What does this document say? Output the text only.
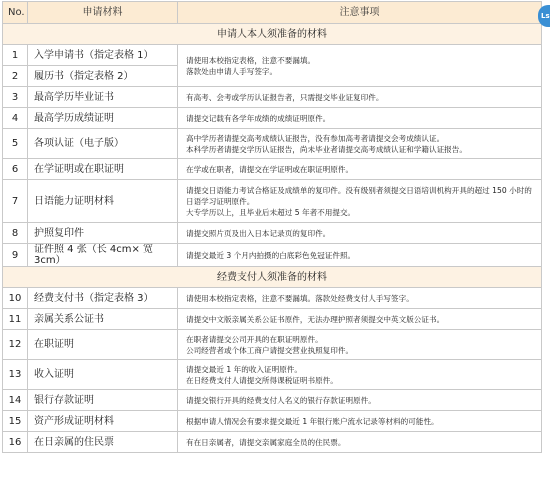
No.	申请材料	注意事项
申请人本人须准备的材料		
1	入学申请书（指定表格 1）	请使用本校指定表格，注意不要漏填。
落款处由申请人手写签字。
2	履历书（指定表格 2）	
3	最高学历毕业证书	有高考、会考或学历认证报告者，只需提交毕业证复印件。
4	最高学历成绩证明	请提交记载有各学年成绩的成绩证明原件。
5	各项认证（电子版）	高中学历者请提交高考成绩认证报告，没有参加高考者请提交会考成绩认证。
本科学历者请提交学历认证报告，尚未毕业者请提交高考成绩认证和学籍认证报告。
6	在学证明或在职证明	在学或在职者，请提交在学证明或在职证明原件。
7	日语能力证明材料	请提交日语能力考试合格证及成绩单的复印件。没有级别者须提交日语培训机构开具的超过 150 小时的日语学习证明原件。
大专学历以上，且毕业后未超过 5 年者不用提交。
8	护照复印件	请提交照片页及出入日本记录页的复印件。
9	证件照 4 张（长 4cm× 宽 3cm）	请提交最近 3 个月内拍摄的白底彩色免冠证件照。
经费支付人须准备的材料		
10	经费支付书（指定表格 3）	请使用本校指定表格，注意不要漏填。落款处经费支付人手写签字。
11	亲属关系公证书	请提交中文版亲属关系公证书原件，无法办理护照者须提交中英文版公证书。
12	在职证明	在职者请提交公司开具的在职证明原件。
公司经营者或个体工商户请提交营业执照复印件。
13	收入证明	请提交最近 1 年的收入证明原件。
在日经费支付人请提交所得课税证明书原件。
14	银行存款证明	请提交银行开具的经费支付人名义的银行存款证明原件。
15	资产形成证明材料	根据申请人情况会有要求提交最近 1 年银行账户流水记录等材料的可能性。
16	在日亲属的住民票	有在日亲属者，请提交亲属家庭全员的住民票。
Ls
